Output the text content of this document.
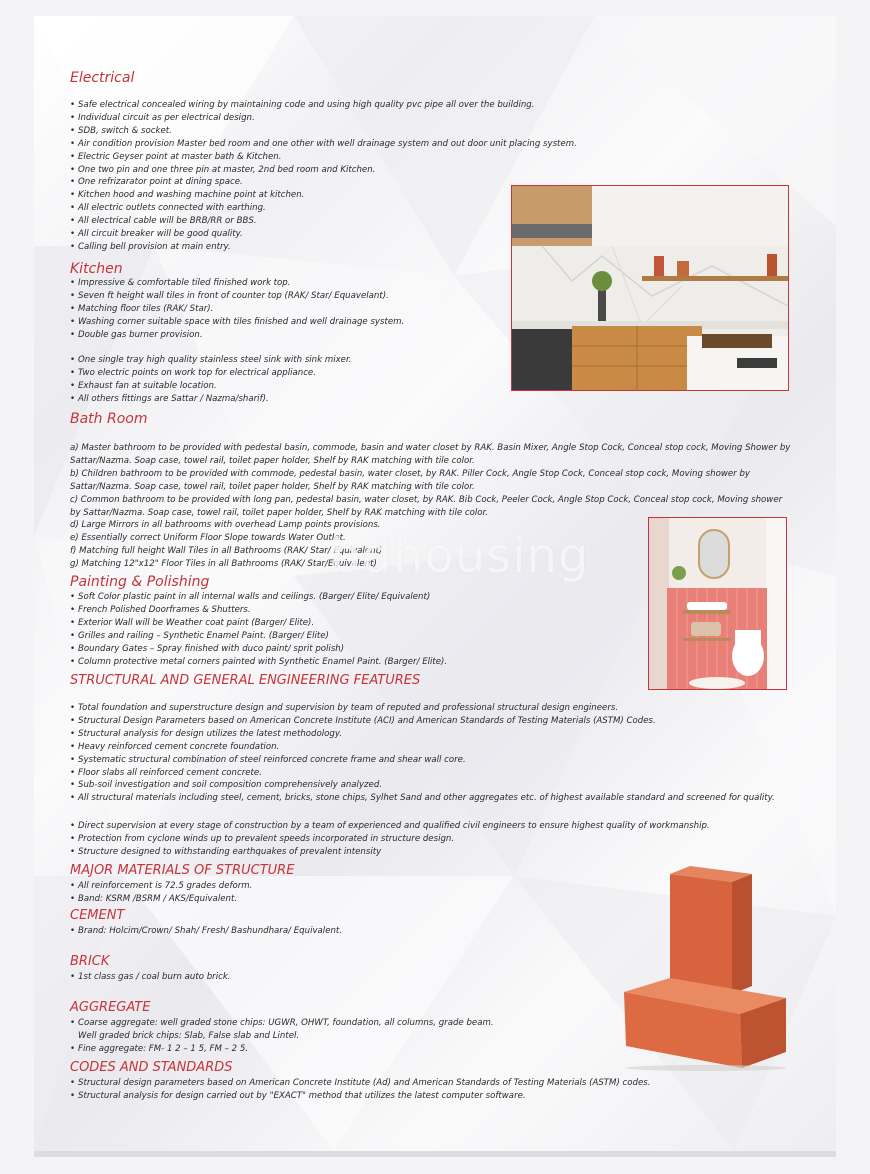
Electrical
• Safe electrical concealed wiring by maintaining code and using high quality pvc pipe all over the building.
• Individual circuit as per electrical design.
• SDB, switch & socket.
• Air condition provision Master bed room and one other with well drainage system and out door unit placing system.
• Electric Geyser point at master bath & Kitchen.
• One two pin and one three pin at master, 2nd bed room and Kitchen.
• One refrizarator point at dining space.
• Kitchen hood and washing machine point at kitchen.
• All electric outlets connected with earthing.
• All electrical cable will be BRB/RR or BBS.
• All circuit breaker will be good quality.
• Calling bell provision at main entry.
Kitchen
• Impressive & comfortable tiled finished work top.
• Seven ft height wall tiles in front of counter top (RAK/ Star/ Equavelant).
• Matching floor tiles (RAK/ Star).
• Washing corner suitable space with tiles finished and well drainage system.
• Double gas burner provision.
• One single tray high quality stainless steel sink with sink mixer.
• Two electric points on work top for electrical appliance.
• Exhaust fan at suitable location.
• All others fittings are Sattar / Nazma/sharif).
Bath Room
a) Master bathroom to be provided with pedestal basin, commode, basin and water closet by RAK. Basin Mixer, Angle Stop Cock, Conceal stop cock, Moving Shower by
Sattar/Nazma. Soap case, towel rail, toilet paper holder, Shelf by RAK matching with tile color.
b) Children bathroom to be provided with commode, pedestal basin, water closet, by RAK. Piller Cock, Angle Stop Cock, Conceal stop cock, Moving shower by
Sattar/Nazma. Soap case, towel rail, toilet paper holder, Shelf by RAK matching with tile color.
c) Common bathroom to be provided with long pan, pedestal basin, water closet, by RAK. Bib Cock, Peeler Cock, Angle Stop Cock, Conceal stop cock, Moving shower
by Sattar/Nazma. Soap case, towel rail, toilet paper holder, Shelf by RAK matching with tile color.
d) Large Mirrors in all bathrooms with overhead Lamp points provisions.
e) Essentially correct Uniform Floor Slope towards Water Outlet.
f) Matching full height Wall Tiles in all Bathrooms (RAK/ Star/ Equivalent)
g) Matching 12"x12" Floor Tiles in all Bathrooms (RAK/ Star/Equivalent)
bdhousing
Painting & Polishing
• Soft Color plastic paint in all internal walls and ceilings. (Barger/ Elite/ Equivalent)
• French Polished Doorframes & Shutters.
• Exterior Wall will be Weather coat paint (Barger/ Elite).
• Grilles and railing – Synthetic Enamel Paint. (Barger/ Elite)
• Boundary Gates – Spray finished with duco paint/ sprit polish)
• Column protective metal corners painted with Synthetic Enamel Paint. (Barger/ Elite).
STRUCTURAL AND GENERAL ENGINEERING FEATURES
• Total foundation and superstructure design and supervision by team of reputed and professional structural design engineers.
• Structural Design Parameters based on American Concrete Institute (ACI) and American Standards of Testing Materials (ASTM) Codes.
• Structural analysis for design utilizes the latest methodology.
• Heavy reinforced cement concrete foundation.
• Systematic structural combination of steel reinforced concrete frame and shear wall core.
• Floor slabs all reinforced cement concrete.
• Sub-soil investigation and soil composition comprehensively analyzed.
• All structural materials including steel, cement, bricks, stone chips, Sylhet Sand and other aggregates etc. of highest available standard and screened for quality.
• Direct supervision at every stage of construction by a team of experienced and qualified civil engineers to ensure highest quality of workmanship.
• Protection from cyclone winds up to prevalent speeds incorporated in structure design.
• Structure designed to withstanding earthquakes of prevalent intensity
MAJOR MATERIALS OF STRUCTURE
• All reinforcement is 72.5 grades deform.
• Band: KSRM /BSRM / AKS/Equivalent.
CEMENT
• Brand: Holcim/Crown/ Shah/ Fresh/ Bashundhara/ Equivalent.
BRICK
• 1st class gas / coal burn auto brick.
AGGREGATE
• Coarse aggregate: well graded stone chips: UGWR, OHWT, foundation, all columns, grade beam.
Well graded brick chips: Slab, False slab and Lintel.
• Fine aggregate: FM- 1 2 – 1 5, FM – 2 5.
CODES AND STANDARDS
• Structural design parameters based on American Concrete Institute (Ad) and American Standards of Testing Materials (ASTM) codes.
• Structural analysis for design carried out by "EXACT" method that utilizes the latest computer software.
